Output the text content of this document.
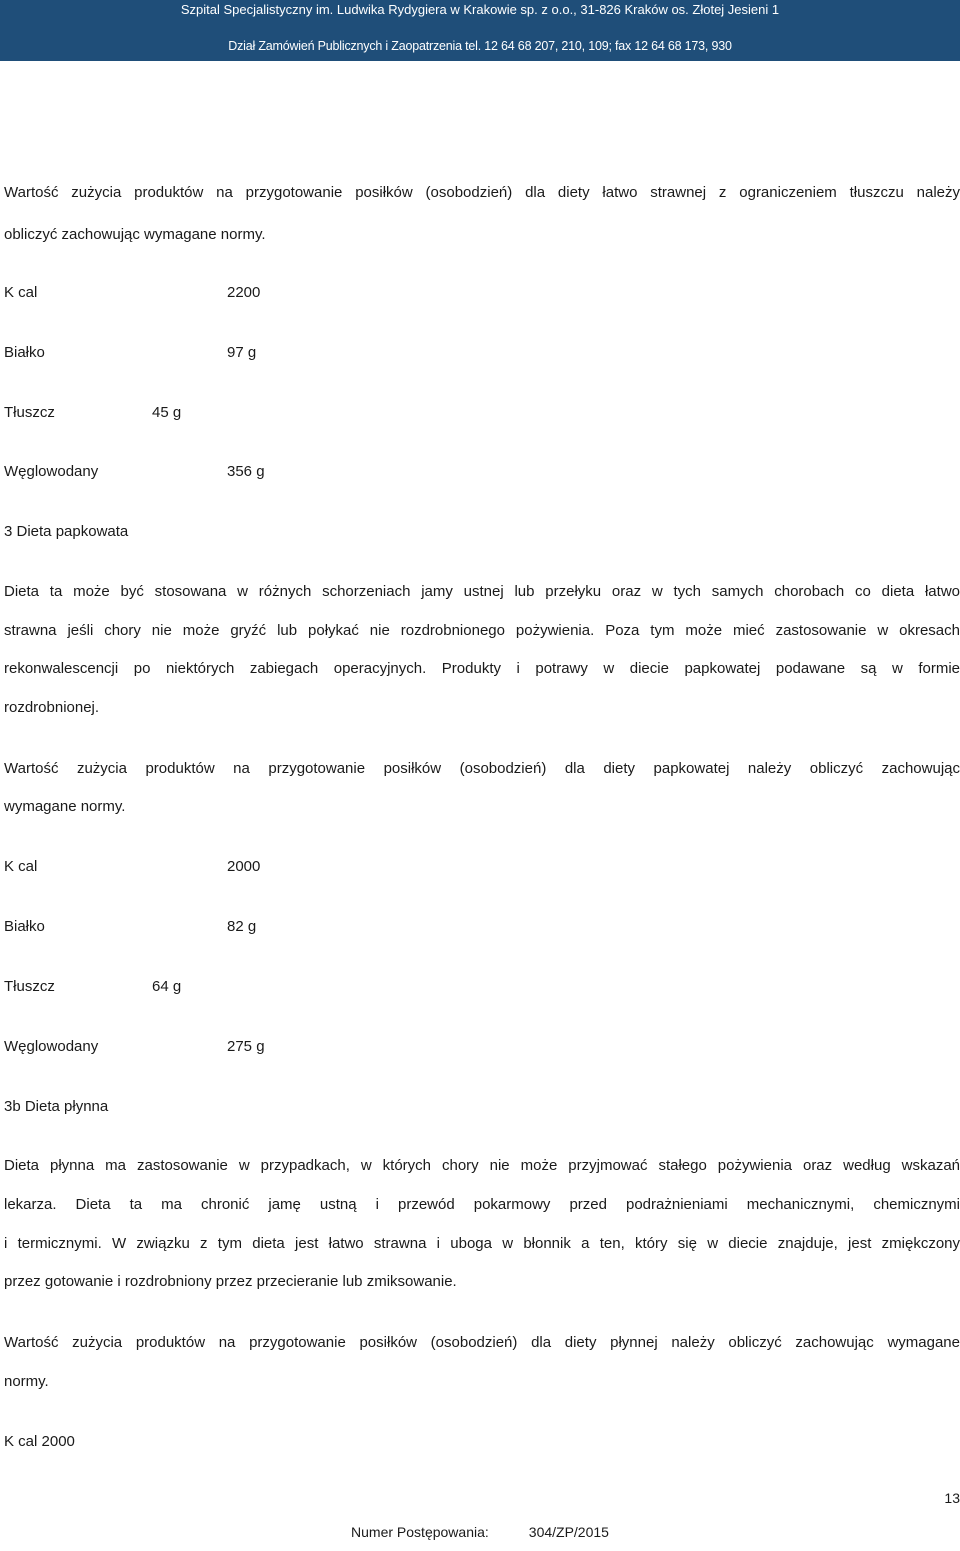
Szpital Specjalistyczny im. Ludwika Rydygiera w Krakowie sp. z o.o., 31-826 Kraków os. Złotej Jesieni 1
Dział Zamówień Publicznych i Zaopatrzenia tel. 12 64 68 207, 210, 109; fax 12 64 68 173, 930
Wartość zużycia produktów na przygotowanie posiłków (osobodzień) dla diety łatwo strawnej z ograniczeniem tłuszczu należy
obliczyć zachowując wymagane normy.
K cal	2200
Białko	97 g
Tłuszcz	45 g
Węglowodany	356 g
3 Dieta papkowata
Dieta ta może być stosowana w różnych schorzeniach jamy ustnej lub przełyku oraz w tych samych chorobach co dieta łatwo
strawna jeśli chory nie może gryźć lub połykać nie rozdrobnionego pożywienia. Poza tym może mieć zastosowanie w okresach
rekonwalescencji po niektórych zabiegach operacyjnych. Produkty i potrawy w diecie papkowatej podawane są w formie
rozdrobnionej.
Wartość zużycia produktów na przygotowanie posiłków (osobodzień) dla diety papkowatej należy obliczyć zachowując
wymagane normy.
K cal	2000
Białko	82 g
Tłuszcz	64 g
Węglowodany	275 g
3b Dieta płynna
Dieta płynna ma zastosowanie w przypadkach, w których chory nie może przyjmować stałego pożywienia oraz według wskazań
lekarza. Dieta ta ma chronić jamę ustną i przewód pokarmowy przed podrażnieniami mechanicznymi, chemicznymi
i termicznymi. W związku z tym dieta jest łatwo strawna i uboga w błonnik a ten, który się w diecie znajduje, jest zmiękczony
przez gotowanie i rozdrobniony przez przecieranie lub zmiksowanie.
Wartość zużycia produktów na przygotowanie posiłków (osobodzień) dla diety płynnej należy obliczyć zachowując wymagane
normy.
K cal 2000
13
Numer Postępowania:	304/ZP/2015
